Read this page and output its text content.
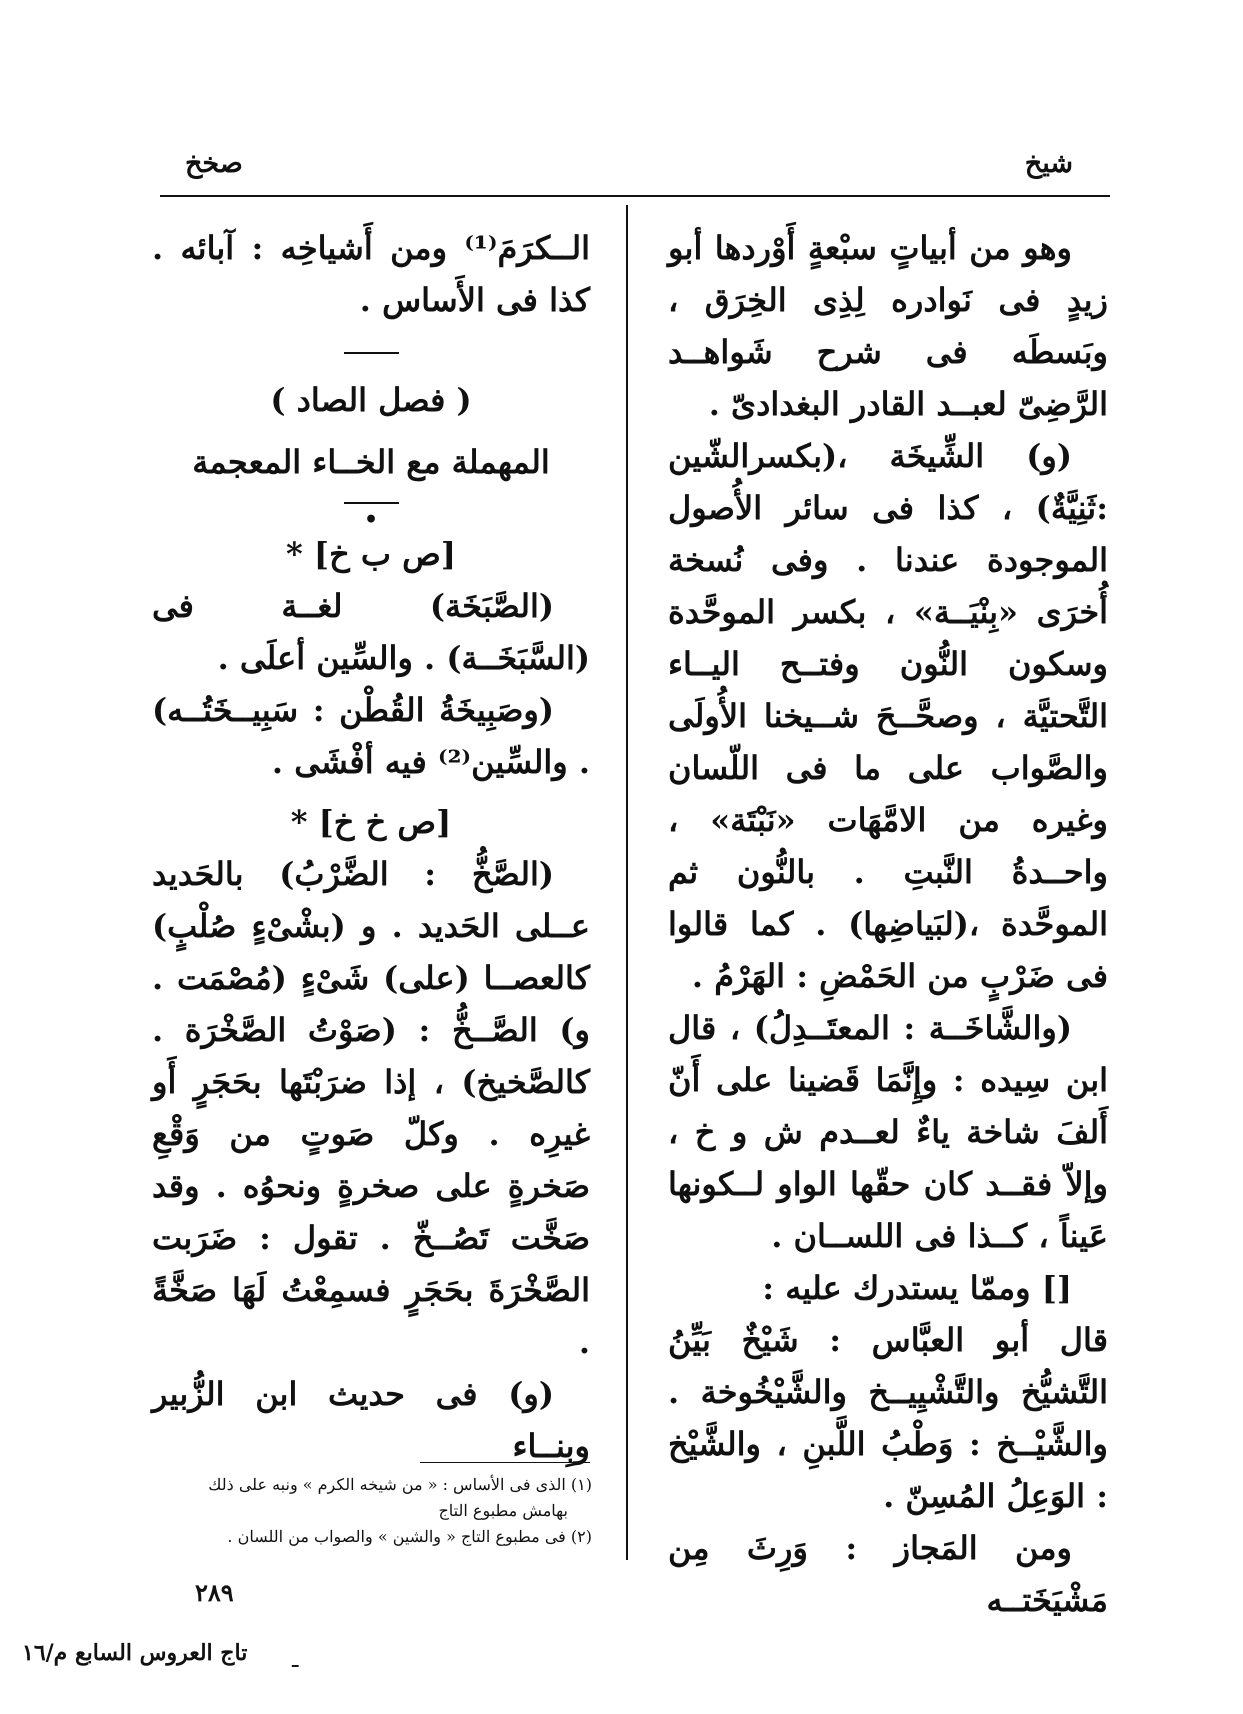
شيخ
صخخ

وهو من أبياتٍ سبْعةٍ أَوْردها أبو زيدٍ فى نَوادره لِذِى الخِرَق ، وبَسطَه فى شرح شَواهــد الرَّضِىّ لعبــد القادر البغدادىّ .

(و) الشِّيخَة ،(بكسرالشّين :ثَنِيَّةٌ) ، كذا فى سائر الأُصول الموجودة عندنا . وفى نُسخة أُخرَى «بِنْيَــة» ، بكسر الموحَّدة وسكون النُّون وفتــح اليــاء التَّحتيَّة ، وصحَّــحَ شــيخنا الأُولَى والصَّواب على ما فى اللّسان وغيره من الامَّهَات «نَبْتَة» ، واحــدةُ النَّبتِ . بالنُّون ثم الموحَّدة ،(لبَياضِها) . كما قالوا فى ضَرْبٍ من الحَمْضِ : الهَرْمُ .

(والشَّاخَــة : المعتَــدِلُ) ، قال ابن سِيده : وإِنَّمَا قَضينا على أَنّ أَلفَ شاخة ياءٌ لعــدم ش و خ ، وإلاّ فقــد كان حقّها الواو لــكونها عَيناً ، كــذا فى اللســان .

[] وممّا يستدرك عليه :

قال أبو العبَّاس : شَيْخٌ بَيِّنُ التَّشيُّخ والتَّشْيِيــخ والشَّيْخُوخة . والشَّيْــخ : وَطْبُ اللَّبنِ ، والشَّيْخ : الوَعِلُ المُسِنّ .

ومن المَجاز : وَرِثَ مِن مَشْيَخَتــه

الــكرَمَ⁽¹⁾ ومن أَشياخِه : آبائه . كذا فى الأَساس .

( فصل الصاد )

المهملة مع الخــاء المعجمة

•

[ص ب خ] *

(الصَّبَخَة) لغــة فى (السَّبَخَــة) . والسِّين أعلَى .

(وصَبِيخَةُ القُطْن : سَبِيــخَتُــه) . والسِّين⁽²⁾ فيه أفْشَى .

[ص خ خ] *

(الصَّخُّ : الضَّرْبُ) بالحَديد عــلى الحَديد . و (بشْىْءٍ صُلْبٍ) كالعصــا (على) شَىْءٍ (مُصْمَت . و) الصَّــخُّ : (صَوْتُ الصَّخْرَة . كالصَّخيخ) ، إذا ضرَبْتَها بحَجَرٍ أَو غيرِه . وكلّ صَوتٍ من وَقْعِ صَخرةٍ على صخرةٍ ونحوُه . وقد صَخَّت تَصُــخّ . تقول : ضَرَبت الصَّخْرَةَ بحَجَرٍ فسمِعْتُ لَهَا صَخَّةً .

(و) فى حديث ابن الزُّبير وبِنــاء

(١) الذى فى الأساس : « من شيخه الكرم » ونبه على ذلك

بهامش مطبوع التاج

(٢) فى مطبوع التاج « والشين » والصواب من اللسان .

٢٨٩
تاج العروس السابع م/١٦ ـ
